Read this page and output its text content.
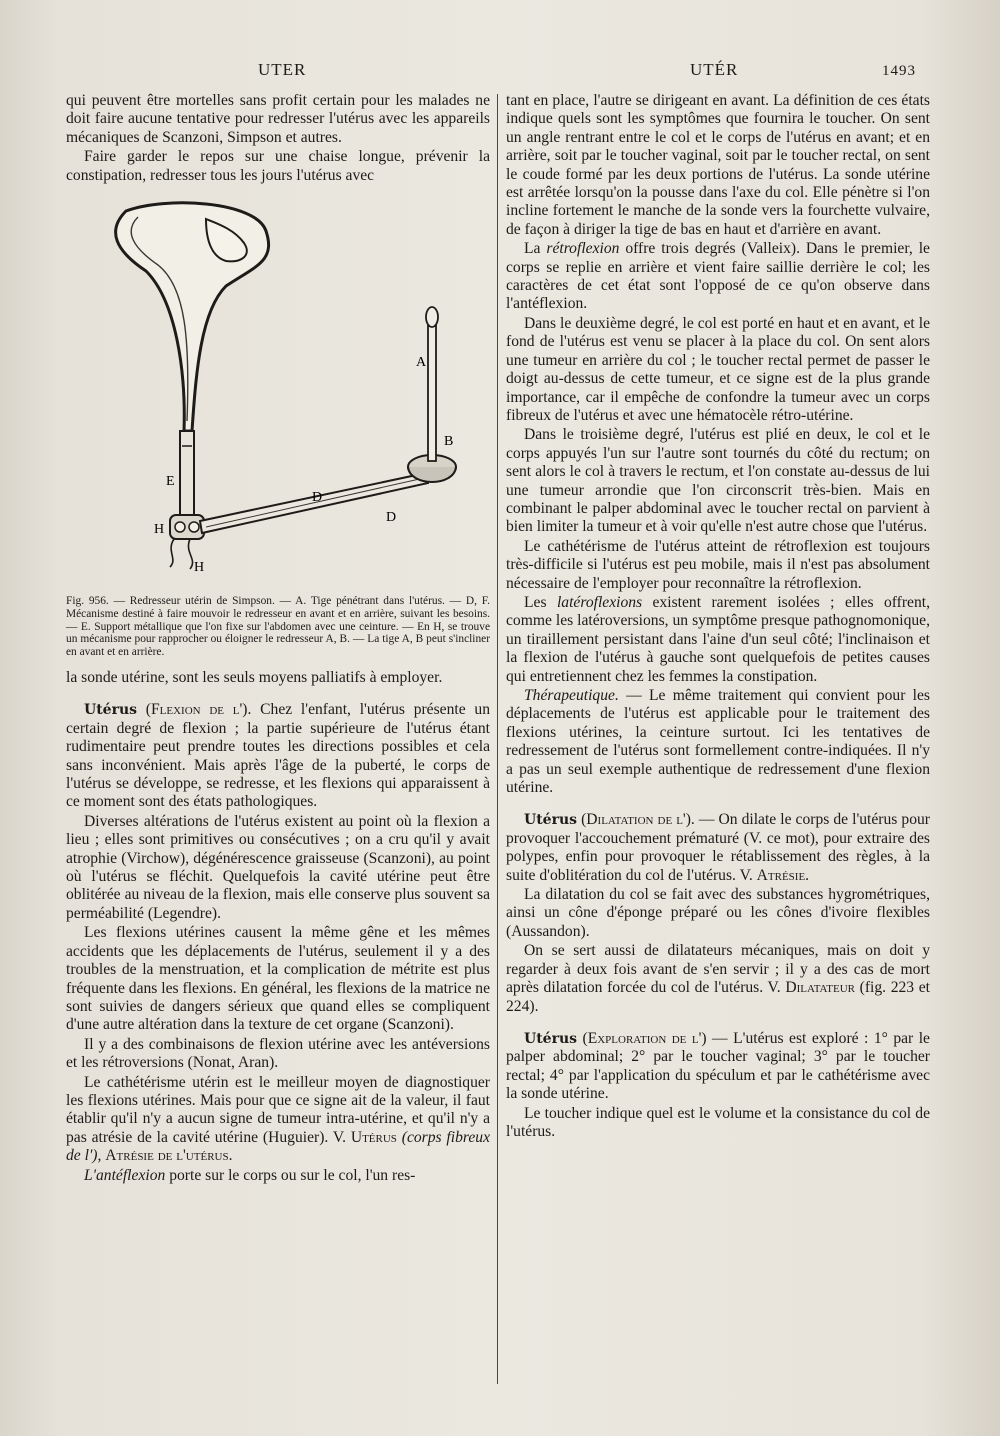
UTER	UTÉR	1493

qui peuvent être mortelles sans profit certain pour les malades ne doit faire aucune tentative pour redresser l'utérus avec les appareils mécaniques de Scanzoni, Simpson et autres.

Faire garder le repos sur une chaise longue, prévenir la constipation, redresser tous les jours l'utérus avec

A
B
D
D
E
H
H
Fig. 956. — Redresseur utérin de Simpson. — A. Tige pénétrant dans l'utérus. — D, F. Mécanisme destiné à faire mouvoir le redresseur en avant et en arrière, suivant les besoins. — E. Support métallique que l'on fixe sur l'abdomen avec une ceinture. — En H, se trouve un mécanisme pour rapprocher ou éloigner le redresseur A, B. — La tige A, B peut s'incliner en avant et en arrière.

la sonde utérine, sont les seuls moyens palliatifs à employer.

Utérus (Flexion de l'). Chez l'enfant, l'utérus présente un certain degré de flexion ; la partie supérieure de l'utérus étant rudimentaire peut prendre toutes les directions possibles et cela sans inconvénient. Mais après l'âge de la puberté, le corps de l'utérus se développe, se redresse, et les flexions qui apparaissent à ce moment sont des états pathologiques.

Diverses altérations de l'utérus existent au point où la flexion a lieu ; elles sont primitives ou consécutives ; on a cru qu'il y avait atrophie (Virchow), dégénérescence graisseuse (Scanzoni), au point où l'utérus se fléchit. Quelquefois la cavité utérine peut être oblitérée au niveau de la flexion, mais elle conserve plus souvent sa perméabilité (Legendre).

Les flexions utérines causent la même gêne et les mêmes accidents que les déplacements de l'utérus, seulement il y a des troubles de la menstruation, et la complication de métrite est plus fréquente dans les flexions. En général, les flexions de la matrice ne sont suivies de dangers sérieux que quand elles se compliquent d'une autre altération dans la texture de cet organe (Scanzoni).

Il y a des combinaisons de flexion utérine avec les antéversions et les rétroversions (Nonat, Aran).

Le cathétérisme utérin est le meilleur moyen de diagnostiquer les flexions utérines. Mais pour que ce signe ait de la valeur, il faut établir qu'il n'y a aucun signe de tumeur intra-utérine, et qu'il n'y a pas atrésie de la cavité utérine (Huguier). V. Utérus (corps fibreux de l'), Atrésie de l'utérus.

L'antéflexion porte sur le corps ou sur le col, l'un res-

tant en place, l'autre se dirigeant en avant. La définition de ces états indique quels sont les symptômes que fournira le toucher. On sent un angle rentrant entre le col et le corps de l'utérus en avant; et en arrière, soit par le toucher vaginal, soit par le toucher rectal, on sent le coude formé par les deux portions de l'utérus. La sonde utérine est arrêtée lorsqu'on la pousse dans l'axe du col. Elle pénètre si l'on incline fortement le manche de la sonde vers la fourchette vulvaire, de façon à diriger la tige de bas en haut et d'arrière en avant.

La rétroflexion offre trois degrés (Valleix). Dans le premier, le corps se replie en arrière et vient faire saillie derrière le col; les caractères de cet état sont l'opposé de ce qu'on observe dans l'antéflexion.

Dans le deuxième degré, le col est porté en haut et en avant, et le fond de l'utérus est venu se placer à la place du col. On sent alors une tumeur en arrière du col ; le toucher rectal permet de passer le doigt au-dessus de cette tumeur, et ce signe est de la plus grande importance, car il empêche de confondre la tumeur avec un corps fibreux de l'utérus et avec une hématocèle rétro-utérine.

Dans le troisième degré, l'utérus est plié en deux, le col et le corps appuyés l'un sur l'autre sont tournés du côté du rectum; on sent alors le col à travers le rectum, et l'on constate au-dessus de lui une tumeur arrondie que l'on circonscrit très-bien. Mais en combinant le palper abdominal avec le toucher rectal on parvient à bien limiter la tumeur et à voir qu'elle n'est autre chose que l'utérus.

Le cathétérisme de l'utérus atteint de rétroflexion est toujours très-difficile si l'utérus est peu mobile, mais il n'est pas absolument nécessaire de l'employer pour reconnaître la rétroflexion.

Les latéroflexions existent rarement isolées ; elles offrent, comme les latéroversions, un symptôme presque pathognomonique, un tiraillement persistant dans l'aine d'un seul côté; l'inclinaison et la flexion de l'utérus à gauche sont quelquefois de petites causes qui entretiennent chez les femmes la constipation.

Thérapeutique. — Le même traitement qui convient pour les déplacements de l'utérus est applicable pour le traitement des flexions utérines, la ceinture surtout. Ici les tentatives de redressement de l'utérus sont formellement contre-indiquées. Il n'y a pas un seul exemple authentique de redressement d'une flexion utérine.

Utérus (Dilatation de l'). — On dilate le corps de l'utérus pour provoquer l'accouchement prématuré (V. ce mot), pour extraire des polypes, enfin pour provoquer le rétablissement des règles, à la suite d'oblitération du col de l'utérus. V. Atrésie.

La dilatation du col se fait avec des substances hygrométriques, ainsi un cône d'éponge préparé ou les cônes d'ivoire flexibles (Aussandon).

On se sert aussi de dilatateurs mécaniques, mais on doit y regarder à deux fois avant de s'en servir ; il y a des cas de mort après dilatation forcée du col de l'utérus. V. Dilatateur (fig. 223 et 224).

Utérus (Exploration de l') — L'utérus est exploré : 1° par le palper abdominal; 2° par le toucher vaginal; 3° par le toucher rectal; 4° par l'application du spéculum et par le cathétérisme avec la sonde utérine.

Le toucher indique quel est le volume et la consistance du col de l'utérus.
